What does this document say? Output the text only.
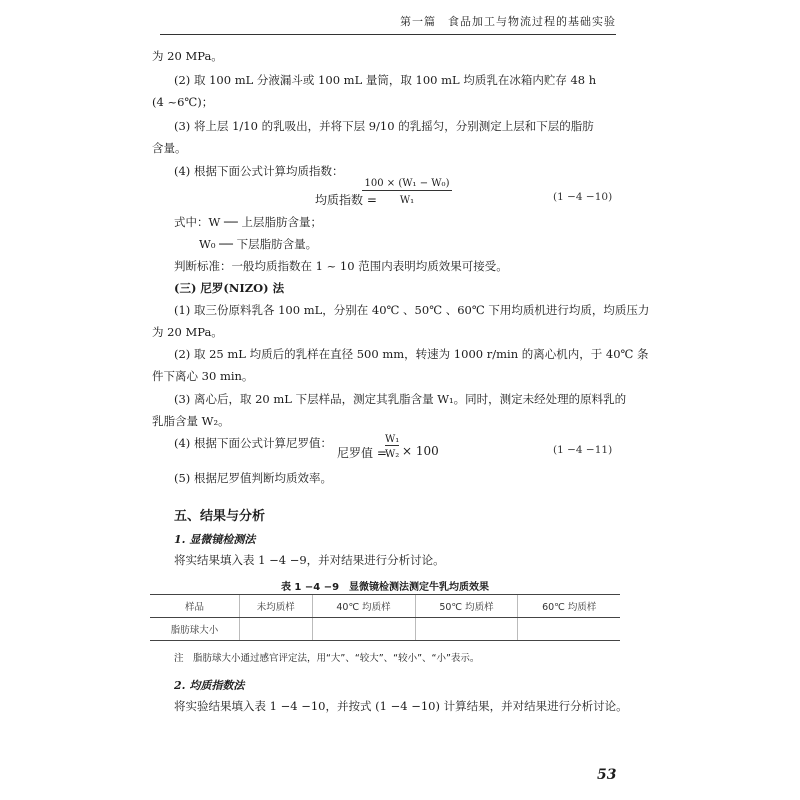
第一篇　食品加工与物流过程的基础实验
为 20 MPa。
(2) 取 100 mL 分液漏斗或 100 mL 量筒，取 100 mL 均质乳在冰箱内贮存 48 h
(4 ~6℃)；
(3) 将上层 1/10 的乳吸出，并将下层 9/10 的乳摇匀，分别测定上层和下层的脂肪
含量。
(4) 根据下面公式计算均质指数：
均质指数 =
100 × (W₁ − W₀)
W₁	(1 −4 −10)
式中：W ── 上层脂肪含量；
W₀ ── 下层脂肪含量。
判断标准：一般均质指数在 1 ~ 10 范围内表明均质效果可接受。
(三) 尼罗(NIZO) 法
(1) 取三份原料乳各 100 mL，分别在 40℃ 、50℃ 、60℃ 下用均质机进行均质，均质压力
为 20 MPa。
(2) 取 25 mL 均质后的乳样在直径 500 mm，转速为 1000 r/min 的离心机内，于 40℃ 条
件下离心 30 min。
(3) 离心后，取 20 mL 下层样品，测定其乳脂含量 W₁。同时，测定未经处理的原料乳的
乳脂含量 W₂。
(4) 根据下面公式计算尼罗值：
尼罗值 =
W₁
W₂ × 100	(1 −4 −11)
(5) 根据尼罗值判断均质效率。
五、结果与分析
1. 显微镜检测法
将实结果填入表 1 −4 −9，并对结果进行分析讨论。
表 1 −4 −9　显微镜检测法测定牛乳均质效果
样品	未均质样	40℃ 均质样	50℃ 均质样	60℃ 均质样
脂肪球大小				
注　脂肪球大小通过感官评定法，用“大”、“较大”、“较小”、“小”表示。
2. 均质指数法
将实验结果填入表 1 −4 −10，并按式 (1 −4 −10) 计算结果，并对结果进行分析讨论。
53
